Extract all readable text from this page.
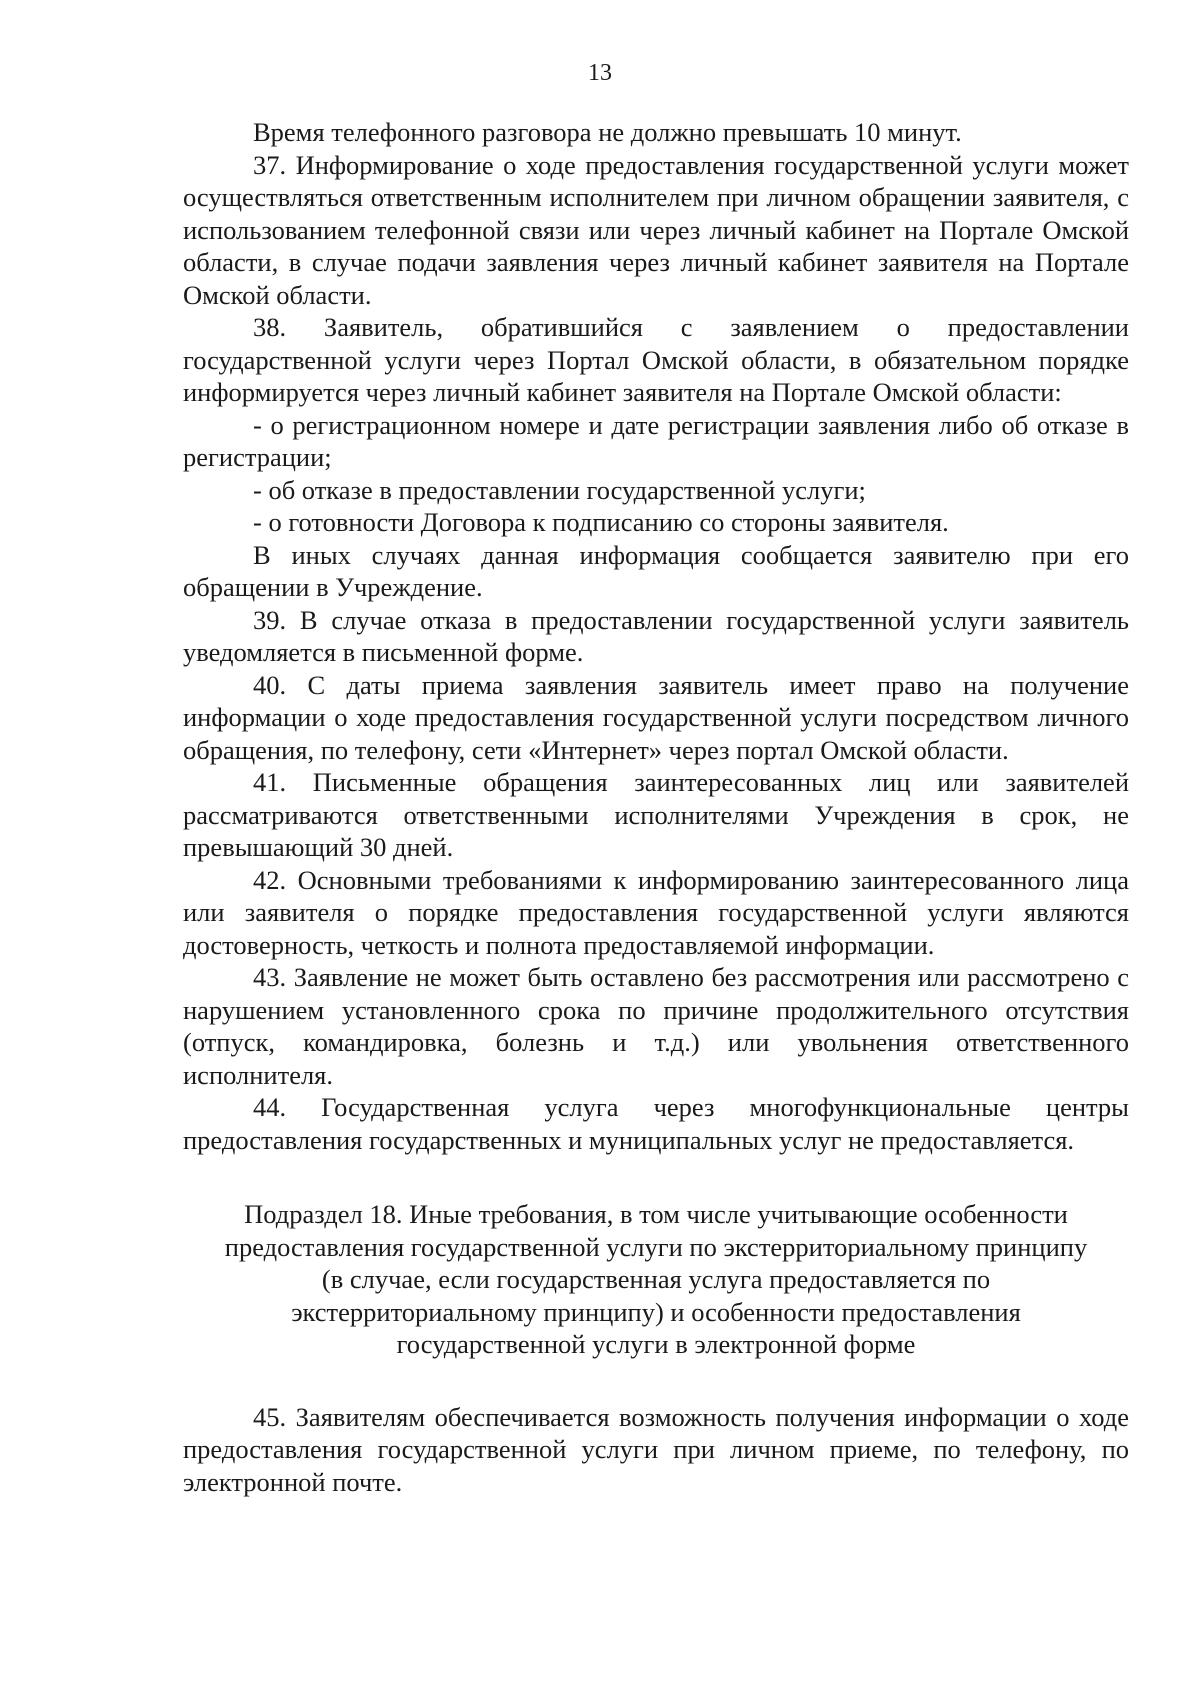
13

Время телефонного разговора не должно превышать 10 минут.

37. Информирование о ходе предоставления государственной услуги может осуществляться ответственным исполнителем при личном обращении заявителя, с использованием телефонной связи или через личный кабинет на Портале Омской области, в случае подачи заявления через личный кабинет заявителя на Портале Омской области.

38. Заявитель, обратившийся с заявлением о предоставлении государственной услуги через Портал Омской области, в обязательном порядке информируется через личный кабинет заявителя на Портале Омской области:

- о регистрационном номере и дате регистрации заявления либо об отказе в регистрации;

- об отказе в предоставлении государственной услуги;

- о готовности Договора к подписанию со стороны заявителя.

В иных случаях данная информация сообщается заявителю при его обращении в Учреждение.

39. В случае отказа в предоставлении государственной услуги заявитель уведомляется в письменной форме.

40. С даты приема заявления заявитель имеет право на получение информации о ходе предоставления государственной услуги посредством личного обращения, по телефону, сети «Интернет» через портал Омской области.

41. Письменные обращения заинтересованных лиц или заявителей рассматриваются ответственными исполнителями Учреждения в срок, не превышающий 30 дней.

42. Основными требованиями к информированию заинтересованного лица или заявителя о порядке предоставления государственной услуги являются достоверность, четкость и полнота предоставляемой информации.

43. Заявление не может быть оставлено без рассмотрения или рассмотрено с нарушением установленного срока по причине продолжительного отсутствия (отпуск, командировка, болезнь и т.д.) или увольнения ответственного исполнителя.

44. Государственная услуга через многофункциональные центры предоставления государственных и муниципальных услуг не предоставляется.

Подраздел 18. Иные требования, в том числе учитывающие особенности

предоставления государственной услуги по экстерриториальному принципу

(в случае, если государственная услуга предоставляется по

экстерриториальному принципу) и особенности предоставления

государственной услуги в электронной форме

45. Заявителям обеспечивается возможность получения информации о ходе предоставления государственной услуги при личном приеме, по телефону, по электронной почте.
